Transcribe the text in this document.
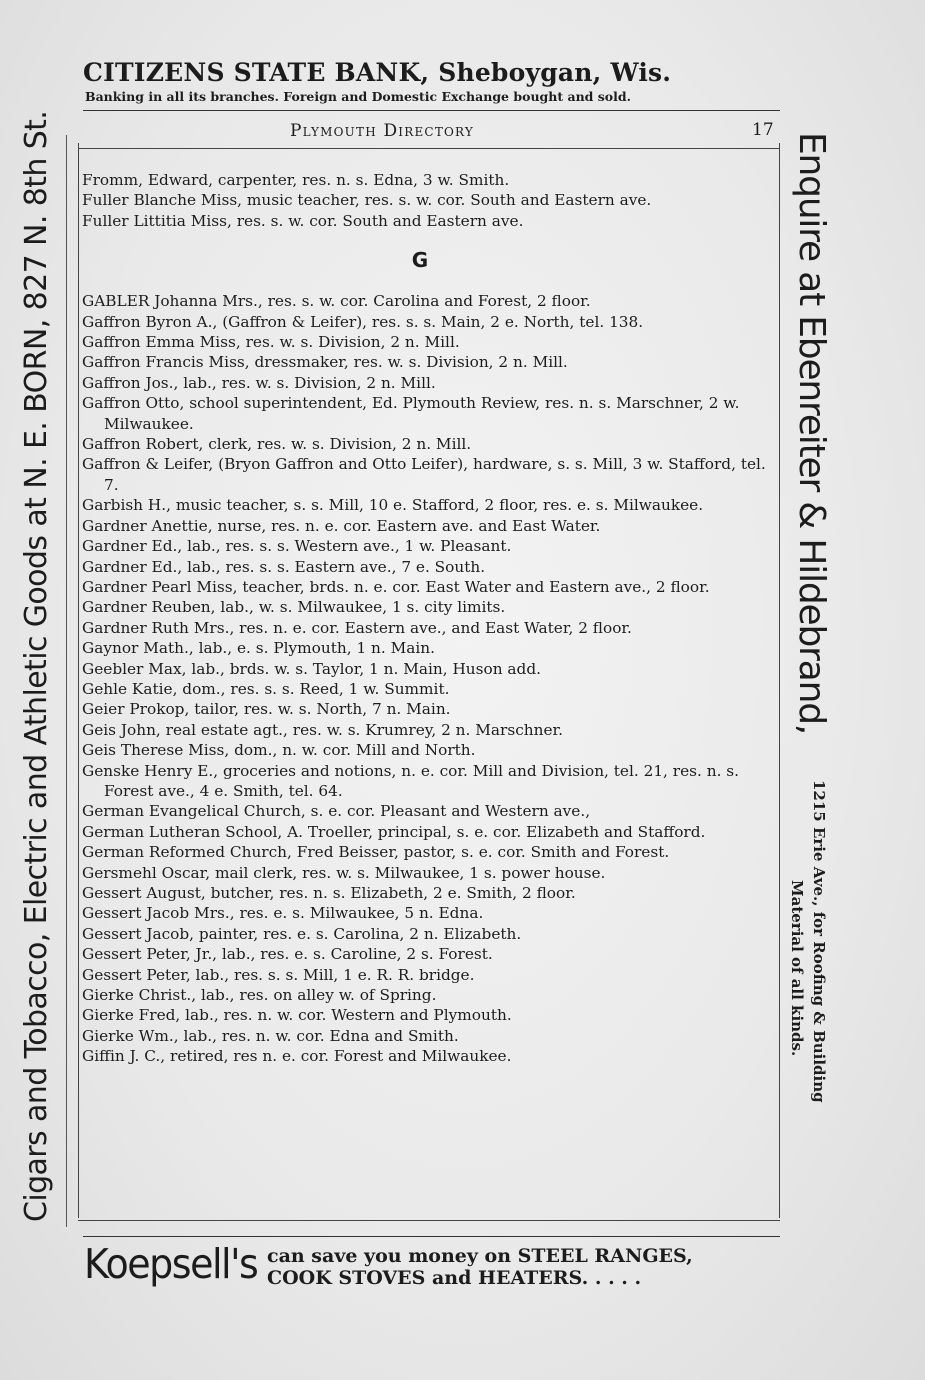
CITIZENS STATE BANK, Sheboygan, Wis.
Banking in all its branches. Foreign and Domestic Exchange bought and sold.
Plymouth Directory	17
Fromm, Edward, carpenter, res. n. s. Edna, 3 w. Smith.
Fuller Blanche Miss, music teacher, res. s. w. cor. South and Eastern ave.
Fuller Littitia Miss, res. s. w. cor. South and Eastern ave.
G
GABLER Johanna Mrs., res. s. w. cor. Carolina and Forest, 2 floor.
Gaffron Byron A., (Gaffron & Leifer), res. s. s. Main, 2 e. North, tel. 138.
Gaffron Emma Miss, res. w. s. Division, 2 n. Mill.
Gaffron Francis Miss, dressmaker, res. w. s. Division, 2 n. Mill.
Gaffron Jos., lab., res. w. s. Division, 2 n. Mill.
Gaffron Otto, school superintendent, Ed. Plymouth Review, res. n. s. Marschner, 2 w. Milwaukee.
Gaffron Robert, clerk, res. w. s. Division, 2 n. Mill.
Gaffron & Leifer, (Bryon Gaffron and Otto Leifer), hardware, s. s. Mill, 3 w. Stafford, tel. 7.
Garbish H., music teacher, s. s. Mill, 10 e. Stafford, 2 floor, res. e. s. Milwaukee.
Gardner Anettie, nurse, res. n. e. cor. Eastern ave. and East Water.
Gardner Ed., lab., res. s. s. Western ave., 1 w. Pleasant.
Gardner Ed., lab., res. s. s. Eastern ave., 7 e. South.
Gardner Pearl Miss, teacher, brds. n. e. cor. East Water and Eastern ave., 2 floor.
Gardner Reuben, lab., w. s. Milwaukee, 1 s. city limits.
Gardner Ruth Mrs., res. n. e. cor. Eastern ave., and East Water, 2 floor.
Gaynor Math., lab., e. s. Plymouth, 1 n. Main.
Geebler Max, lab., brds. w. s. Taylor, 1 n. Main, Huson add.
Gehle Katie, dom., res. s. s. Reed, 1 w. Summit.
Geier Prokop, tailor, res. w. s. North, 7 n. Main.
Geis John, real estate agt., res. w. s. Krumrey, 2 n. Marschner.
Geis Therese Miss, dom., n. w. cor. Mill and North.
Genske Henry E., groceries and notions, n. e. cor. Mill and Division, tel. 21, res. n. s. Forest ave., 4 e. Smith, tel. 64.
German Evangelical Church, s. e. cor. Pleasant and Western ave.,
German Lutheran School, A. Troeller, principal, s. e. cor. Elizabeth and Stafford.
German Reformed Church, Fred Beisser, pastor, s. e. cor. Smith and Forest.
Gersmehl Oscar, mail clerk, res. w. s. Milwaukee, 1 s. power house.
Gessert August, butcher, res. n. s. Elizabeth, 2 e. Smith, 2 floor.
Gessert Jacob Mrs., res. e. s. Milwaukee, 5 n. Edna.
Gessert Jacob, painter, res. e. s. Carolina, 2 n. Elizabeth.
Gessert Peter, Jr., lab., res. e. s. Caroline, 2 s. Forest.
Gessert Peter, lab., res. s. s. Mill, 1 e. R. R. bridge.
Gierke Christ., lab., res. on alley w. of Spring.
Gierke Fred, lab., res. n. w. cor. Western and Plymouth.
Gierke Wm., lab., res. n. w. cor. Edna and Smith.
Giffin J. C., retired, res n. e. cor. Forest and Milwaukee.
Cigars and Tobacco, Electric and Athletic Goods at N. E. BORN, 827 N. 8th St.	Enquire at Ebenreiter & Hildebrand,
1215 Erie Ave., for Roofing & Building
Material of all kinds.
Koepsell's can save you money on STEEL RANGES,
COOK STOVES and HEATERS. . . . .
